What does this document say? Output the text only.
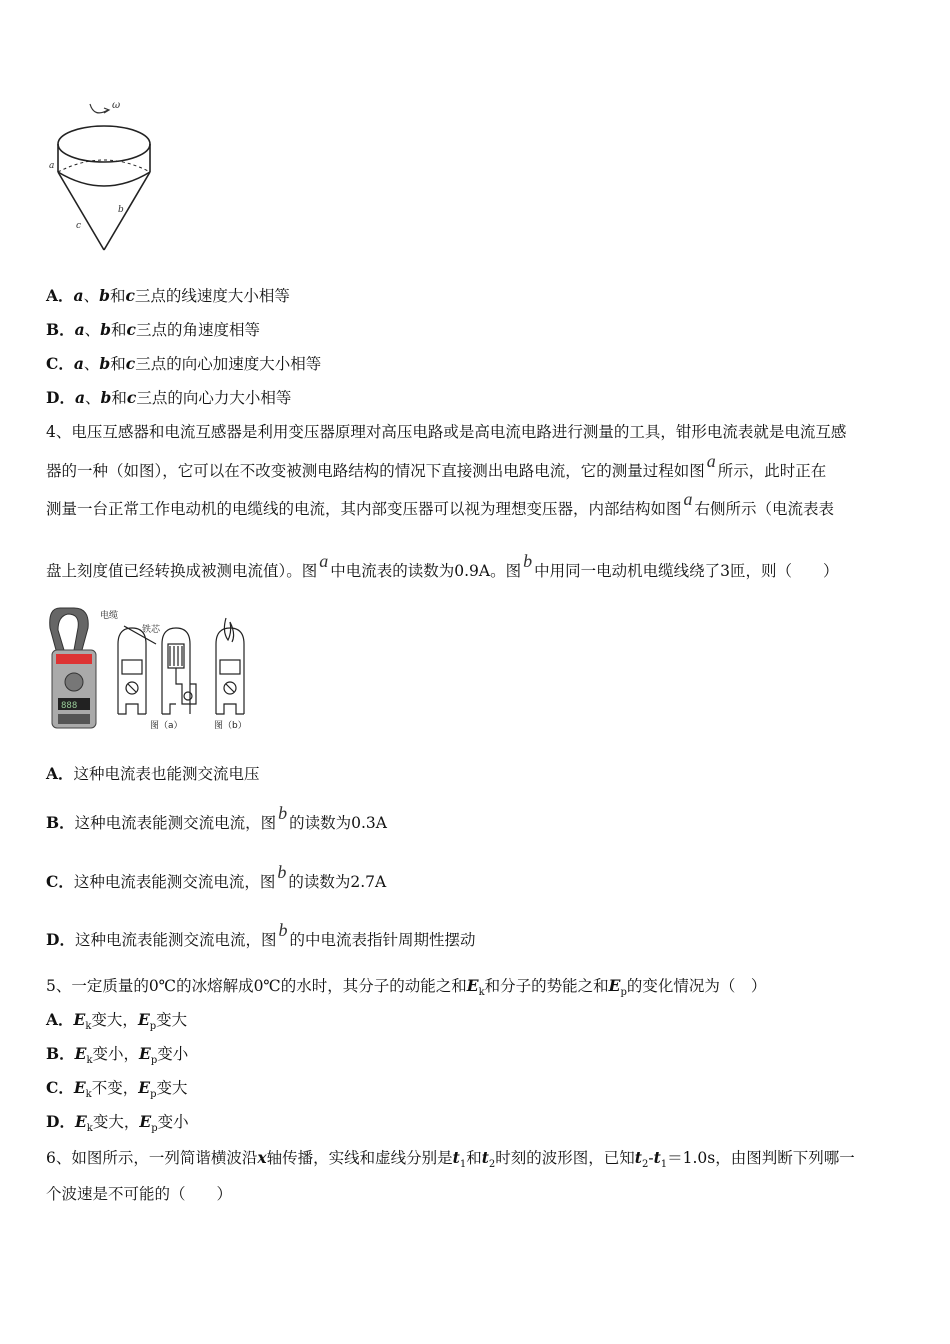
ω
a
b
c
A．a、b和c三点的线速度大小相等
B．a、b和c三点的角速度相等
C．a、b和c三点的向心加速度大小相等
D．a、b和c三点的向心力大小相等
4、电压互感器和电流互感器是利用变压器原理对高压电路或是高电流电路进行测量的工具，钳形电流表就是电流互感
器的一种（如图），它可以在不改变被测电路结构的情况下直接测出电路电流，它的测量过程如图 a 所示，此时正在
测量一台正常工作电动机的电缆线的电流，其内部变压器可以视为理想变压器，内部结构如图 a 右侧所示（电流表表
盘上刻度值已经转换成被测电流值）。图 a 中电流表的读数为0.9A。图 b 中用同一电动机电缆线绕了3匝，则（　　）
888
电缆
铁芯
图（a）	图（b）
A．这种电流表也能测交流电压
B．这种电流表能测交流电流，图 b 的读数为0.3A
C．这种电流表能测交流电流，图 b 的读数为2.7A
D．这种电流表能测交流电流，图 b 的中电流表指针周期性摆动
5、一定质量的0℃的冰熔解成0℃的水时，其分子的动能之和$E_k$和分子的势能之和$E_p$的变化情况为（　）
A．$E_k$变大，$E_p$变大
B．$E_k$变小，$E_p$变小
C．$E_k$不变，$E_p$变大
D．$E_k$变大，$E_p$变小
6、如图所示，一列简谐横波沿x轴传播，实线和虚线分别是$t_1$和$t_2$时刻的波形图，已知$t_2-t_1=1.0s$，由图判断下列哪一
个波速是不可能的（　　）
